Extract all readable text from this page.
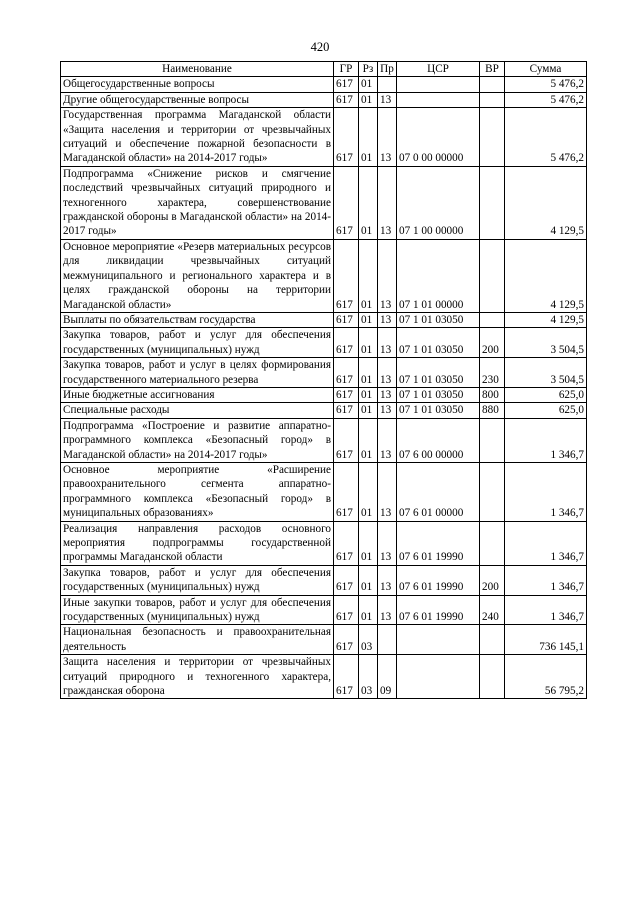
420
Наименование	ГР	Рз	Пр	ЦСР	ВР	Сумма
Общегосударственные вопросы	617	01				5 476,2
Другие общегосударственные вопросы	617	01	13			5 476,2
Государственная программа Магаданской области «Защита населения и территории от чрезвычайных ситуаций и обеспечение пожарной безопасности в Магаданской области» на 2014-2017 годы»	617	01	13	07 0 00 00000		5 476,2
Подпрограмма «Снижение рисков и смягчение последствий чрезвычайных ситуаций природного и техногенного характера, совершенствование гражданской обороны в Магаданской области» на 2014-2017 годы»	617	01	13	07 1 00 00000		4 129,5
Основное мероприятие «Резерв материальных ресурсов для ликвидации чрезвычайных ситуаций межмуниципального и регионального характера и в целях гражданской обороны на территории Магаданской области»	617	01	13	07 1 01 00000		4 129,5
Выплаты по обязательствам государства	617	01	13	07 1 01 03050		4 129,5
Закупка товаров, работ и услуг для обеспечения государственных (муниципальных) нужд	617	01	13	07 1 01 03050	200	3 504,5
Закупка товаров, работ и услуг в целях формирования государственного материального резерва	617	01	13	07 1 01 03050	230	3 504,5
Иные бюджетные ассигнования	617	01	13	07 1 01 03050	800	625,0
Специальные расходы	617	01	13	07 1 01 03050	880	625,0
Подпрограмма «Построение и развитие аппаратно-программного комплекса «Безопасный город» в Магаданской области» на 2014-2017 годы»	617	01	13	07 6 00 00000		1 346,7
Основное мероприятие «Расширение правоохранительного сегмента аппаратно-программного комплекса «Безопасный город» в муниципальных образованиях»	617	01	13	07 6 01 00000		1 346,7
Реализация направления расходов основного мероприятия подпрограммы государственной программы Магаданской области	617	01	13	07 6 01 19990		1 346,7
Закупка товаров, работ и услуг для обеспечения государственных (муниципальных) нужд	617	01	13	07 6 01 19990	200	1 346,7
Иные закупки товаров, работ и услуг для обеспечения государственных (муниципальных) нужд	617	01	13	07 6 01 19990	240	1 346,7
Национальная безопасность и правоохранительная деятельность	617	03				736 145,1
Защита населения и территории от чрезвычайных ситуаций природного и техногенного характера, гражданская оборона	617	03	09			56 795,2
